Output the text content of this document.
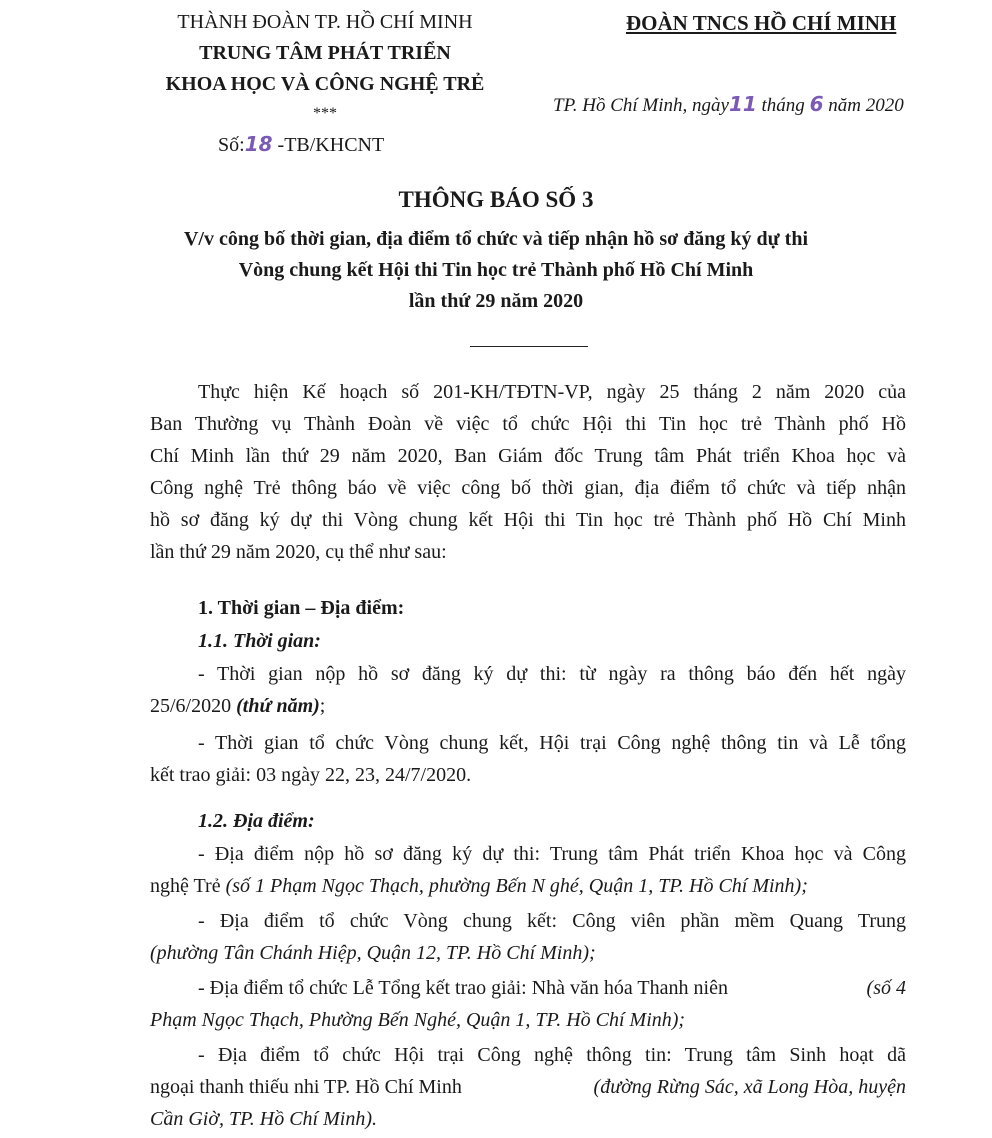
THÀNH ĐOÀN TP. HỒ CHÍ MINH
TRUNG TÂM PHÁT TRIỂN
KHOA HỌC VÀ CÔNG NGHỆ TRẺ
***
Số:18 -TB/KHCNT
ĐOÀN TNCS HỒ CHÍ MINH
TP. Hồ Chí Minh, ngày11 tháng 6 năm 2020
THÔNG BÁO SỐ 3
V/v công bố thời gian, địa điểm tổ chức và tiếp nhận hồ sơ đăng ký dự thi
Vòng chung kết Hội thi Tin học trẻ Thành phố Hồ Chí Minh
lần thứ 29 năm 2020
Thực hiện Kế hoạch số 201-KH/TĐTN-VP, ngày 25 tháng 2 năm 2020 của
Ban Thường vụ Thành Đoàn về việc tổ chức Hội thi Tin học trẻ Thành phố Hồ
Chí Minh lần thứ 29 năm 2020, Ban Giám đốc Trung tâm Phát triển Khoa học và
Công nghệ Trẻ thông báo về việc công bố thời gian, địa điểm tổ chức và tiếp nhận
hồ sơ đăng ký dự thi Vòng chung kết Hội thi Tin học trẻ Thành phố Hồ Chí Minh
lần thứ 29 năm 2020, cụ thể như sau:
1. Thời gian – Địa điểm:
1.1. Thời gian:
- Thời gian nộp hồ sơ đăng ký dự thi: từ ngày ra thông báo đến hết ngày
25/6/2020 (thứ năm);
- Thời gian tổ chức Vòng chung kết, Hội trại Công nghệ thông tin và Lễ tổng
kết trao giải: 03 ngày 22, 23, 24/7/2020.
1.2. Địa điểm:
- Địa điểm nộp hồ sơ đăng ký dự thi: Trung tâm Phát triển Khoa học và Công
nghệ Trẻ (số 1 Phạm Ngọc Thạch, phường Bến N ghé, Quận 1, TP. Hồ Chí Minh);
- Địa điểm tổ chức Vòng chung kết: Công viên phần mềm Quang Trung
(phường Tân Chánh Hiệp, Quận 12, TP. Hồ Chí Minh);
- Địa điểm tổ chức Lễ Tổng kết trao giải: Nhà văn hóa Thanh niên	(số 4
Phạm Ngọc Thạch, Phường Bến Nghé, Quận 1, TP. Hồ Chí Minh);
- Địa điểm tổ chức Hội trại Công nghệ thông tin: Trung tâm Sinh hoạt dã
ngoại thanh thiếu nhi TP. Hồ Chí Minh	(đường Rừng Sác, xã Long Hòa, huyện
Cần Giờ, TP. Hồ Chí Minh).
